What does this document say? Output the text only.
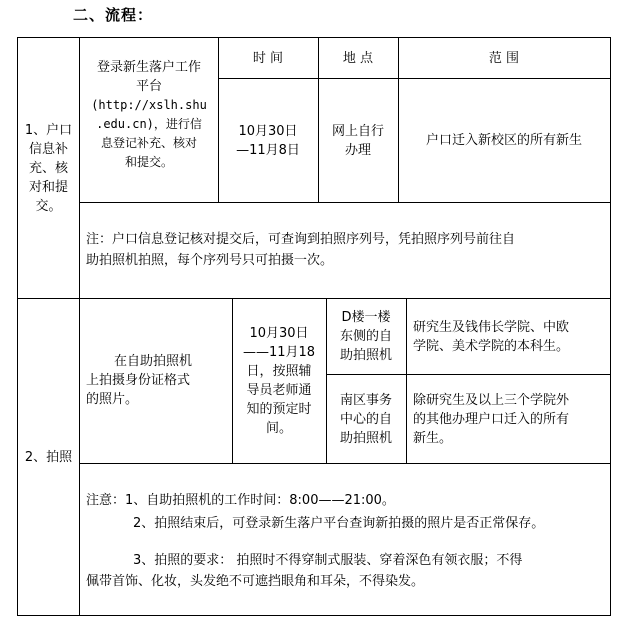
二、流程：
时 间	地 点	范 围
1、户口
信息补
充、核
对和提
交。
登录新生落户工作
平台
(http://xslh.shu
.edu.cn)，进行信
息登记补充、核对
和提交。
10月30日
—11月8日
网上自行
办理
户口迁入新校区的所有新生
注：户口信息登记核对提交后，可查询到拍照序列号，凭拍照序列号前往自
助拍照机拍照，每个序列号只可拍摄一次。
2、拍照
在自助拍照机
上拍摄身份证格式
的照片。
10月30日
——11月18
日，按照辅
导员老师通
知的预定时
间。
D楼一楼
东侧的自
助拍照机
研究生及钱伟长学院、中欧
学院、美术学院的本科生。
南区事务
中心的自
助拍照机
除研究生及以上三个学院外
的其他办理户口迁入的所有
新生。
注意：1、自助拍照机的工作时间：8:00——21:00。
2、拍照结束后，可登录新生落户平台查询新拍摄的照片是否正常保存。
3、拍照的要求： 拍照时不得穿制式服装、穿着深色有领衣服；不得
佩带首饰、化妆，头发绝不可遮挡眼角和耳朵，不得染发。
